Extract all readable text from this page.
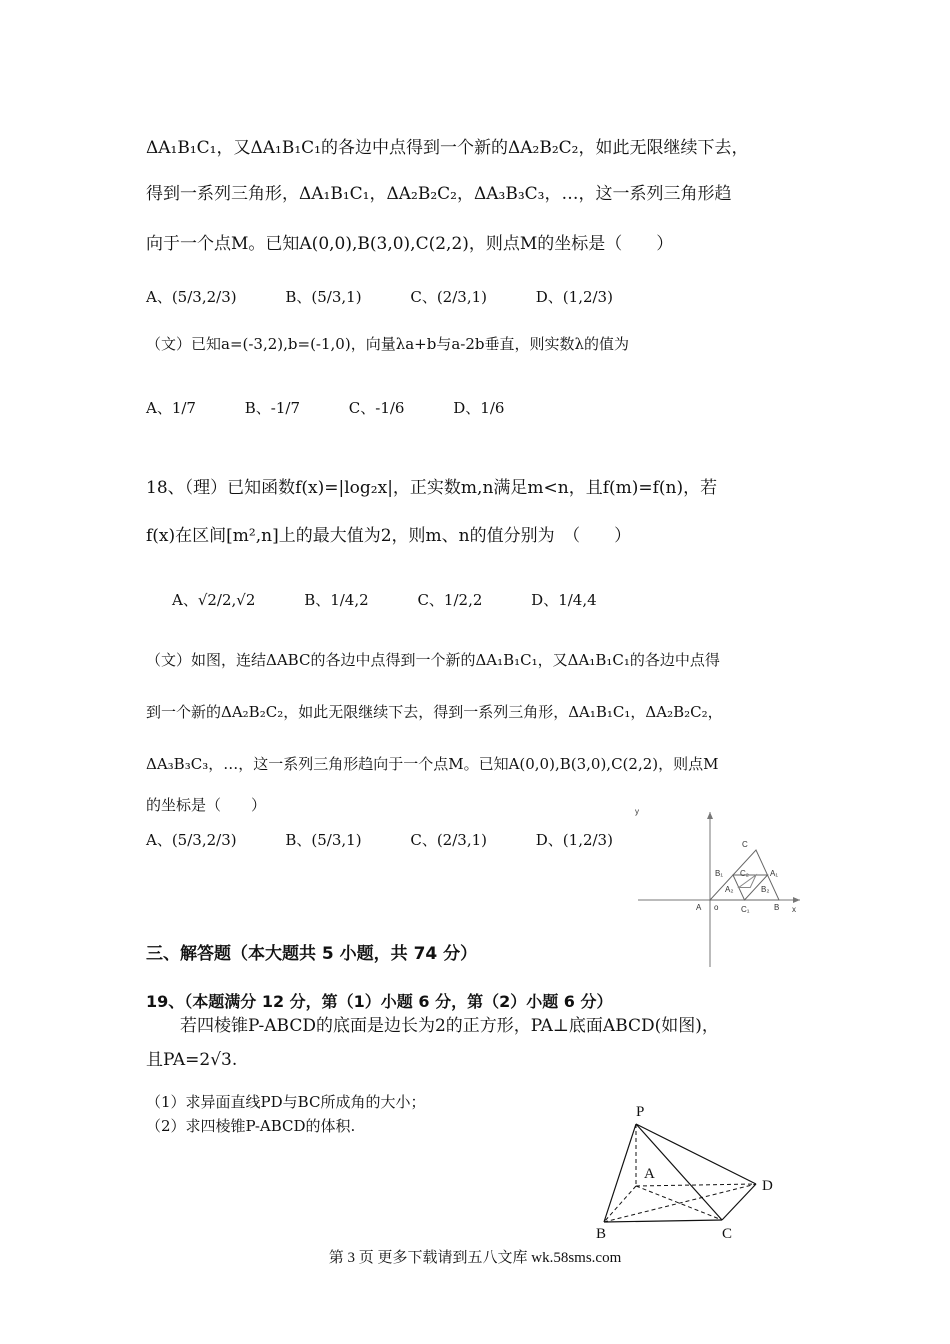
ΔA₁B₁C₁，又ΔA₁B₁C₁的各边中点得到一个新的ΔA₂B₂C₂，如此无限继续下去，
得到一系列三角形，ΔA₁B₁C₁，ΔA₂B₂C₂，ΔA₃B₃C₃，…，这一系列三角形趋
向于一个点M。已知A(0,0),B(3,0),C(2,2)，则点M的坐标是（　　）
A、(5/3,2/3)	B、(5/3,1)	C、(2/3,1)	D、(1,2/3)
（文）已知a=(-3,2),b=(-1,0)，向量λa+b与a-2b垂直，则实数λ的值为
A、1/7	B、-1/7	C、-1/6	D、1/6
18、（理）已知函数f(x)=|log₂x|，正实数m,n满足m<n，且f(m)=f(n)，若
f(x)在区间[m²,n]上的最大值为2，则m、n的值分别为　（　　）
A、√2/2,√2	B、1/4,2	C、1/2,2	D、1/4,4
（文）如图，连结ΔABC的各边中点得到一个新的ΔA₁B₁C₁，又ΔA₁B₁C₁的各边中点得
到一个新的ΔA₂B₂C₂，如此无限继续下去，得到一系列三角形，ΔA₁B₁C₁，ΔA₂B₂C₂，
ΔA₃B₃C₃，…，这一系列三角形趋向于一个点M。已知A(0,0),B(3,0),C(2,2)，则点M
的坐标是（　　）
A、(5/3,2/3)	B、(5/3,1)	C、(2/3,1)	D、(1,2/3)
y
C
B₁ C₂	A₁
A₂	B₂
A o	C₁	B x
三、解答题（本大题共 5 小题，共 74 分）
19、（本题满分 12 分，第（1）小题 6 分，第（2）小题 6 分）
若四棱锥P-ABCD的底面是边长为2的正方形，PA⊥底面ABCD(如图)，
且PA=2√3.
（1）求异面直线PD与BC所成角的大小；
（2）求四棱锥P-ABCD的体积.
P
A
D
B	C
第 3 页 更多下载请到五八文库 wk.58sms.com
